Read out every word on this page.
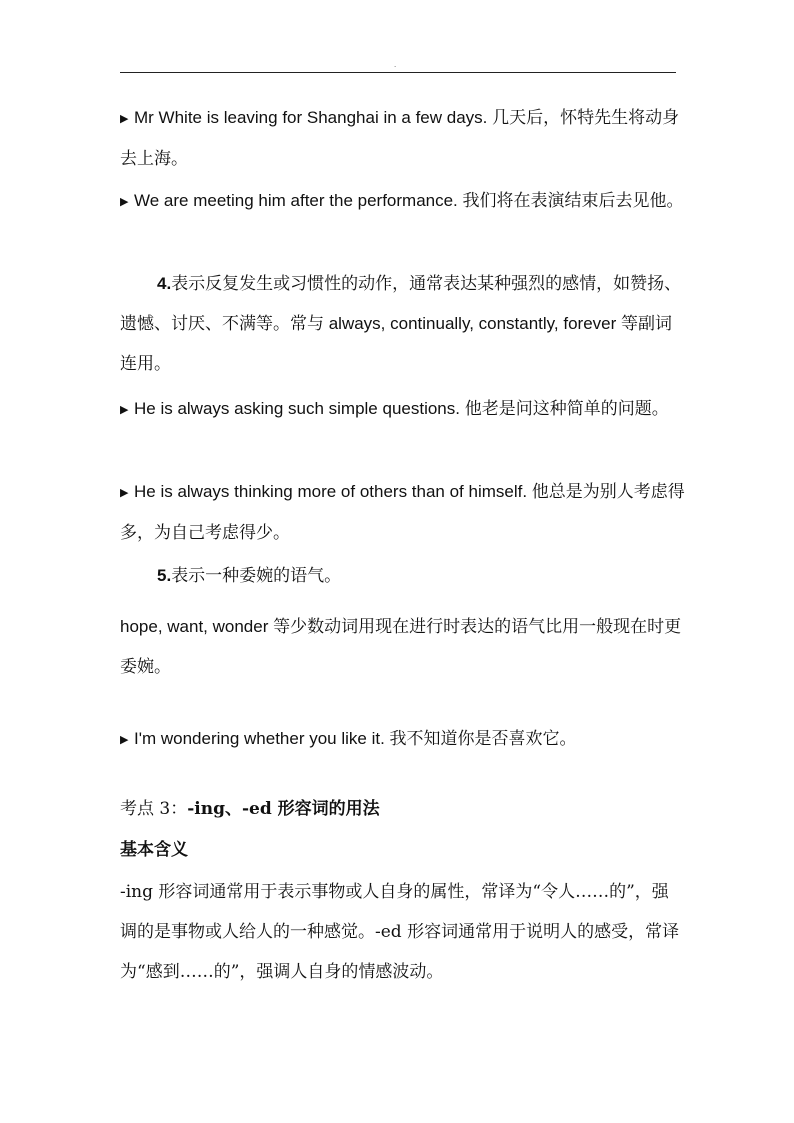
.

▶ Mr White is leaving for Shanghai in a few days. 几天后，怀特先生将动身去上海。

▶ We are meeting him after the performance. 我们将在表演结束后去见他。

4.表示反复发生或习惯性的动作，通常表达某种强烈的感情，如赞扬、遗憾、讨厌、不满等。常与 always, continually, constantly, forever 等副词连用。

▶ He is always asking such simple questions. 他老是问这种简单的问题。

▶ He is always thinking more of others than of himself. 他总是为别人考虑得多，为自己考虑得少。

5.表示一种委婉的语气。

hope, want, wonder 等少数动词用现在进行时表达的语气比用一般现在时更委婉。

▶ I'm wondering whether you like it. 我不知道你是否喜欢它。

考点 3：-ing、-ed 形容词的用法

基本含义

-ing 形容词通常用于表示事物或人自身的属性，常译为“令人……的”，强调的是事物或人给人的一种感觉。-ed 形容词通常用于说明人的感受，常译为“感到……的”，强调人自身的情感波动。
